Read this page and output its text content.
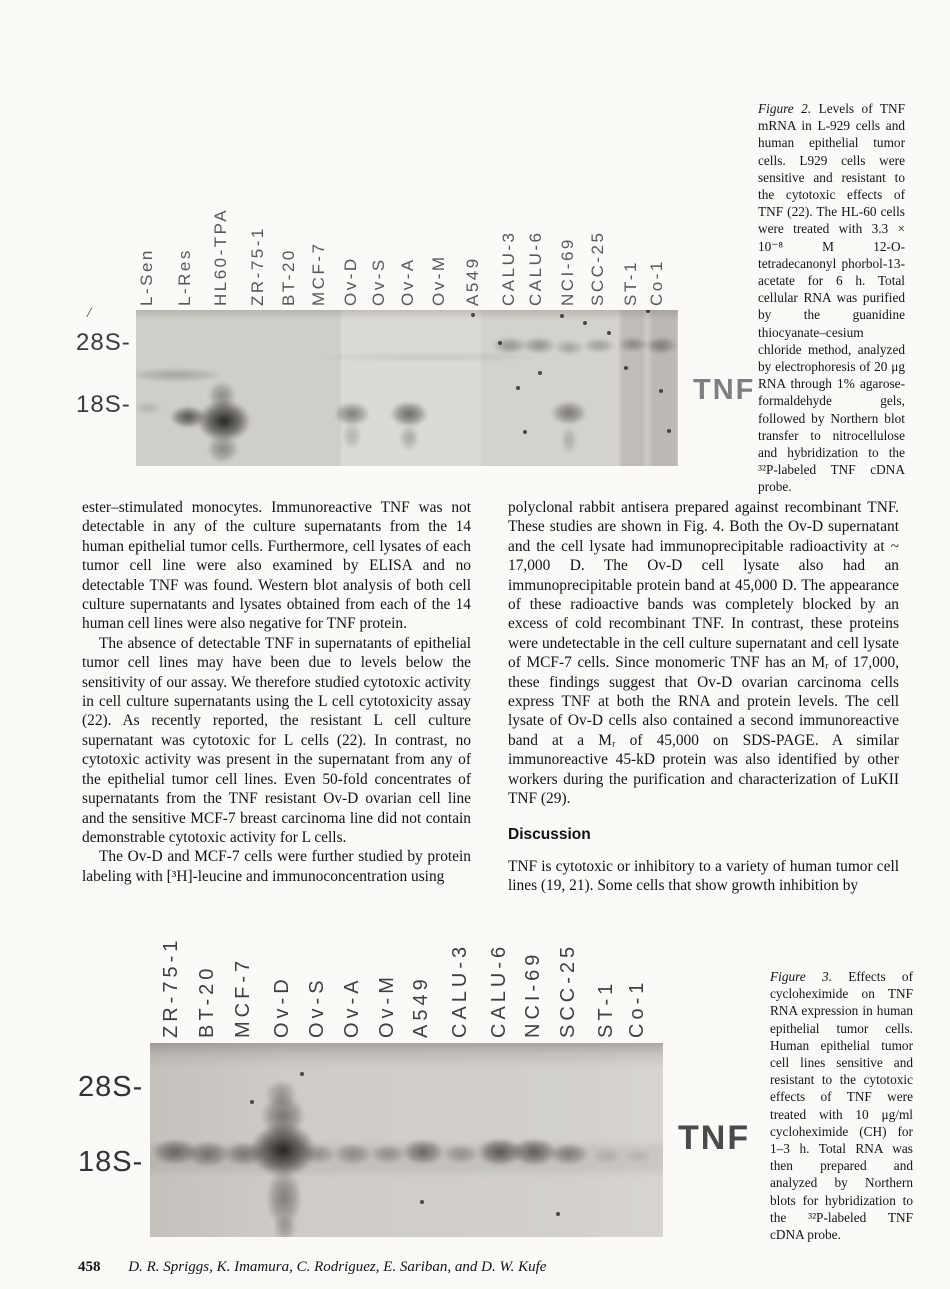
L-Sen L-Res HL60-TPA ZR-75-1 BT-20 MCF-7 Ov-D Ov-S Ov-A Ov-M A549 CALU-3 CALU-6 NCI-69 SCC-25 ST-1 Co-1
/
TNF
Figure 2. Levels of TNF mRNA in L-929 cells and human epithelial tumor cells. L929 cells were sensitive and resistant to the cytotoxic effects of TNF (22). The HL-60 cells were treated with 3.3 × 10⁻⁸ M 12-O-tetradecanonyl phorbol-13-acetate for 6 h. Total cellular RNA was purified by the guanidine thiocyanate–cesium chloride method, analyzed by electrophoresis of 20 μg RNA through 1% agarose-formaldehyde gels, followed by Northern blot transfer to nitrocellulose and hybridization to the ³²P-labeled TNF cDNA probe.
28S-
18S-
ZR-75-1 BT-20 MCF-7 Ov-D Ov-S Ov-A Ov-M A549 CALU-3 CALU-6 NCI-69 SCC-25 ST-1 Co-1
TNF
Figure 3. Effects of cycloheximide on TNF RNA expression in human epithelial tumor cells. Human epithelial tumor cell lines sensitive and resistant to the cytotoxic effects of TNF were treated with 10 μg/ml cycloheximide (CH) for 1–3 h. Total RNA was then prepared and analyzed by Northern blots for hybridization to the ³²P-labeled TNF cDNA probe.
28S-
18S-

ester–stimulated monocytes. Immunoreactive TNF was not detectable in any of the culture supernatants from the 14 human epithelial tumor cells. Furthermore, cell lysates of each tumor cell line were also examined by ELISA and no detectable TNF was found. Western blot analysis of both cell culture supernatants and lysates obtained from each of the 14 human cell lines were also negative for TNF protein.

The absence of detectable TNF in supernatants of epithelial tumor cell lines may have been due to levels below the sensitivity of our assay. We therefore studied cytotoxic activity in cell culture supernatants using the L cell cytotoxicity assay (22). As recently reported, the resistant L cell culture supernatant was cytotoxic for L cells (22). In contrast, no cytotoxic activity was present in the supernatant from any of the epithelial tumor cell lines. Even 50-fold concentrates of supernatants from the TNF resistant Ov-D ovarian cell line and the sensitive MCF-7 breast carcinoma line did not contain demonstrable cytotoxic activity for L cells.

The Ov-D and MCF-7 cells were further studied by protein labeling with [³H]-leucine and immunoconcentration using

polyclonal rabbit antisera prepared against recombinant TNF. These studies are shown in Fig. 4. Both the Ov-D supernatant and the cell lysate had immunoprecipitable radioactivity at ~ 17,000 D. The Ov-D cell lysate also had an immunoprecipitable protein band at 45,000 D. The appearance of these radioactive bands was completely blocked by an excess of cold recombinant TNF. In contrast, these proteins were undetectable in the cell culture supernatant and cell lysate of MCF-7 cells. Since monomeric TNF has an Mᵣ of 17,000, these findings suggest that Ov-D ovarian carcinoma cells express TNF at both the RNA and protein levels. The cell lysate of Ov-D cells also contained a second immunoreactive band at a Mᵣ of 45,000 on SDS-PAGE. A similar immunoreactive 45-kD protein was also identified by other workers during the purification and characterization of LuKII TNF (29).

Discussion

TNF is cytotoxic or inhibitory to a variety of human tumor cell lines (19, 21). Some cells that show growth inhibition by

458 D. R. Spriggs, K. Imamura, C. Rodriguez, E. Sariban, and D. W. Kufe
